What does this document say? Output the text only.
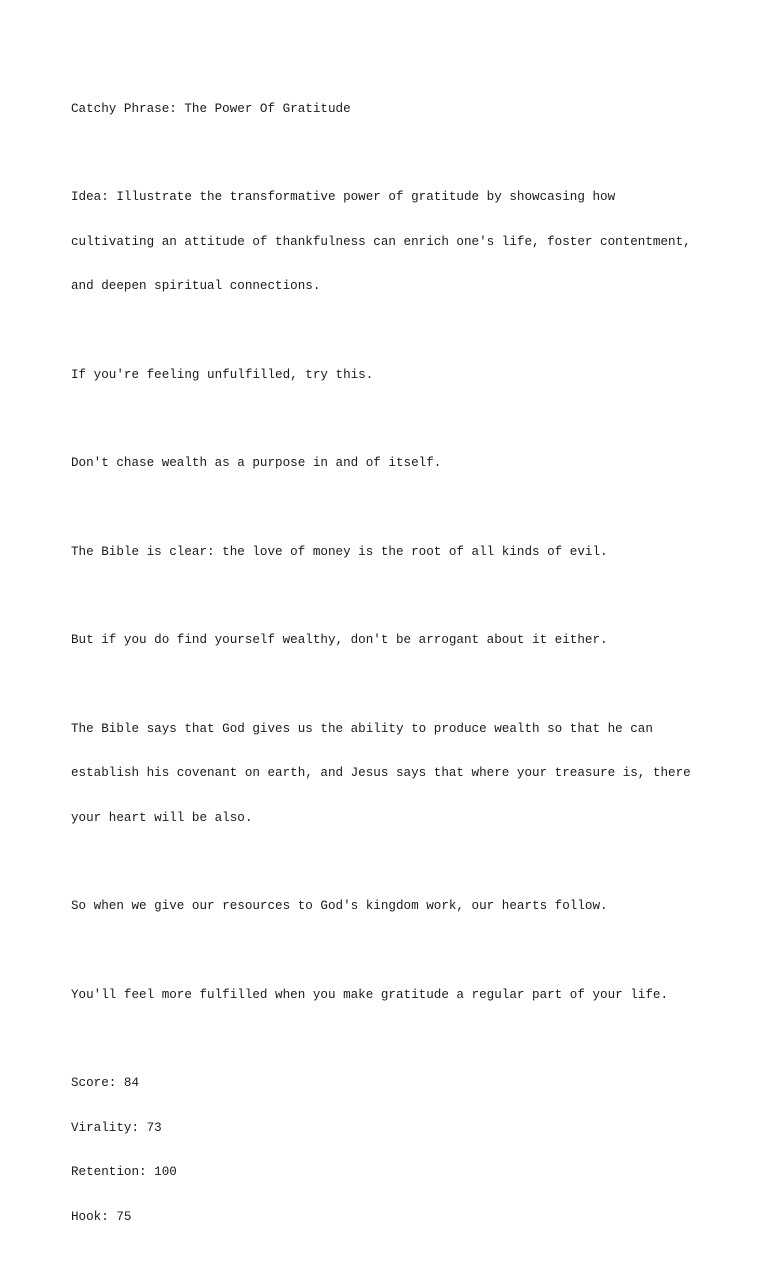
Catchy Phrase: The Power Of Gratitude

Idea: Illustrate the transformative power of gratitude by showcasing how

cultivating an attitude of thankfulness can enrich one's life, foster contentment,

and deepen spiritual connections.

If you're feeling unfulfilled, try this.

Don't chase wealth as a purpose in and of itself.

The Bible is clear: the love of money is the root of all kinds of evil.

But if you do find yourself wealthy, don't be arrogant about it either.

The Bible says that God gives us the ability to produce wealth so that he can

establish his covenant on earth, and Jesus says that where your treasure is, there

your heart will be also.

So when we give our resources to God's kingdom work, our hearts follow.

You'll feel more fulfilled when you make gratitude a regular part of your life.

Score: 84

Virality: 73

Retention: 100

Hook: 75
